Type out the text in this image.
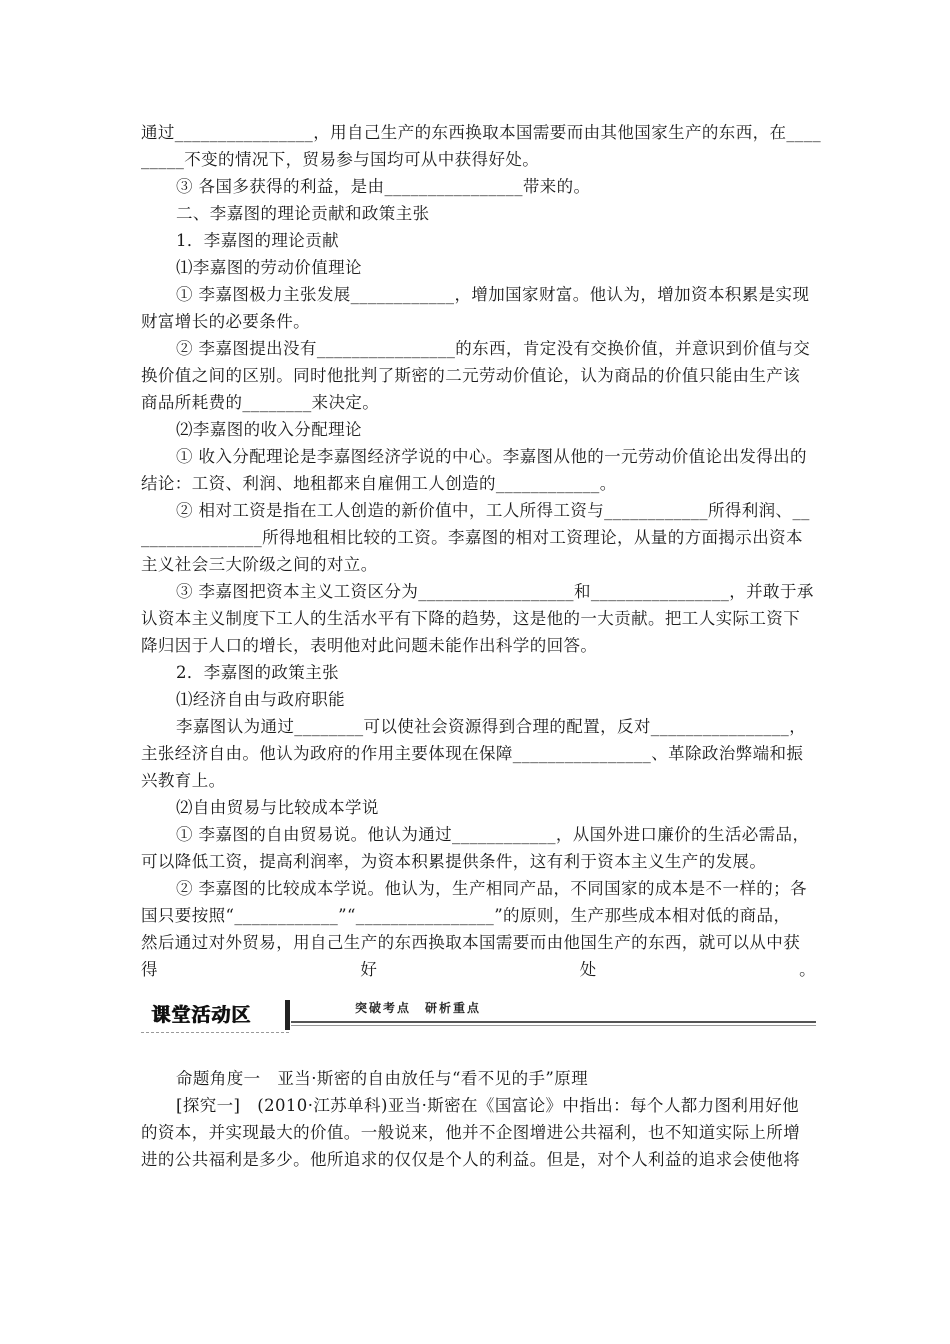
通过________________，用自己生产的东西换取本国需要而由其他国家生产的东西，在____
_____不变的情况下，贸易参与国均可从中获得好处。
③ 各国多获得的利益，是由________________带来的。
二、李嘉图的理论贡献和政策主张
1．李嘉图的理论贡献
⑴李嘉图的劳动价值理论
① 李嘉图极力主张发展____________，增加国家财富。他认为，增加资本积累是实现
财富增长的必要条件。
② 李嘉图提出没有________________的东西，肯定没有交换价值，并意识到价值与交
换价值之间的区别。同时他批判了斯密的二元劳动价值论，认为商品的价值只能由生产该
商品所耗费的________来决定。
⑵李嘉图的收入分配理论
① 收入分配理论是李嘉图经济学说的中心。李嘉图从他的一元劳动价值论出发得出的
结论：工资、利润、地租都来自雇佣工人创造的____________。
② 相对工资是指在工人创造的新价值中，工人所得工资与____________所得利润、__
______________所得地租相比较的工资。李嘉图的相对工资理论，从量的方面揭示出资本
主义社会三大阶级之间的对立。
③ 李嘉图把资本主义工资区分为__________________和________________，并敢于承
认资本主义制度下工人的生活水平有下降的趋势，这是他的一大贡献。把工人实际工资下
降归因于人口的增长，表明他对此问题未能作出科学的回答。
2．李嘉图的政策主张
⑴经济自由与政府职能
李嘉图认为通过________可以使社会资源得到合理的配置，反对________________，
主张经济自由。他认为政府的作用主要体现在保障________________、革除政治弊端和振
兴教育上。
⑵自由贸易与比较成本学说
① 李嘉图的自由贸易说。他认为通过____________，从国外进口廉价的生活必需品，
可以降低工资，提高利润率，为资本积累提供条件，这有利于资本主义生产的发展。
② 李嘉图的比较成本学说。他认为，生产相同产品，不同国家的成本是不一样的；各
国只要按照“____________”“________________”的原则，生产那些成本相对低的商品，
然后通过对外贸易，用自己生产的东西换取本国需要而由他国生产的东西，就可以从中获
得	好	处	。
课堂活动区	突破考点　研析重点
命题角度一　亚当·斯密的自由放任与“看不见的手”原理
[探究一]　(2010·江苏单科)亚当·斯密在《国富论》中指出：每个人都力图利用好他
的资本，并实现最大的价值。一般说来，他并不企图增进公共福利，也不知道实际上所增
进的公共福利是多少。他所追求的仅仅是个人的利益。但是，对个人利益的追求会使他将
